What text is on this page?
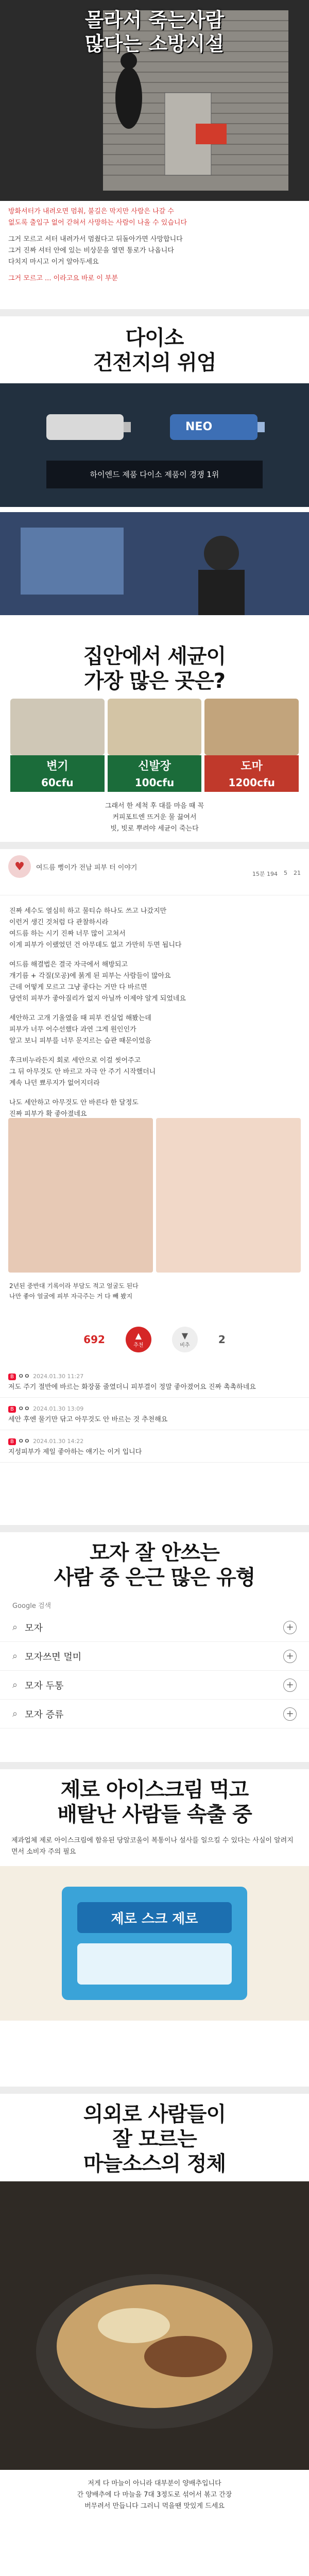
몰라서 죽는사람
많다는 소방시설
방화셔터가 내려오면 멈춰, 불길은 막지만 사람은 나갈 수
없도록 출입구 없어 갇혀서 사망하는 사람이 나올 수 있습니다
그거 모르고 셔터 내려가서 멈췄다고 뒤돌아가면 사망합니다
그거 진짜 셔터 안에 있는 비상문을 열면 통로가 나옵니다
다치지 마시고 이거 알아두세요
그거 모르고 ... 이라고요 바로 이 부분
다이소
건전지의 위엄
NEO
하이엔드 제품 다이소 제품이 경쟁 1위
집안에서 세균이
가장 많은 곳은?
변기
60cfu
신발장
100cfu
도마
1200cfu
그래서 한 세척 후 대를 마음 때 꼭
커피포트엔 뜨거운 물 끓여서
빗, 빗로 뿌려야 세균이 죽는다
♥	여드름 뻥이가 전남 피부 터 이야기
15분 194 5 21
진짜 세수도 열심히 하고 물티슈 하나도 쓰고 나갔지만
이런거 생긴 것처럼 다 관찰하시라
여드름 하는 시기 진짜 너무 많이 고쳐서
이게 피부가 이랬었던 건 아무데도 없고 가만히 두면 됩니다
여드름 해결법은 결국 자극에서 해방되고
개기름 + 각질(모공)에 붉게 된 피부는 사람들이 많아요
근데 어떻게 모르고 그냥 좋다는 거만 다 바르면
당연히 피부가 좋아질리가 없지 아닐까 이제야 알게 되었네요
세안하고 고개 기울였을 때 피부 컨실업 해봤는데
피부가 너무 어수선했다 과연 그게 원인인가
알고 보니 피부를 너무 문지르는 습관 때문이었음
후크비누라든지 회로 세안으로 이걸 씻어주고
그 뒤 아무것도 안 바르고 자극 안 주기 시작했더니
계속 나던 뾰루지가 없어지더라
나도 세안하고 아무것도 안 바른다 한 달정도
진짜 피부가 확 좋아졌네요
2년된 중반대 기록이라 부담도 적고 얼굴도 된다
나만 좋아 얼굴에 피부 자극주는 거 다 빼 봤지
692	▲
추천
▼
비추	2
B ㅇㅇ 2024.01.30 11:27
저도 주기 절반에 바르는 화장품 줄였더니 피부결이 정말 좋아졌어요 진짜 촉촉하네요
B ㅇㅇ 2024.01.30 13:09
세안 후엔 물기만 닦고 아무것도 안 바르는 것 추천해요
B ㅇㅇ 2024.01.30 14:22
지성피부가 제일 좋아하는 얘기는 이거 입니다
모자 잘 안쓰는
사람 중 은근 많은 유형
Google 검색
⌕ 모자	+
⌕ 모자쓰면 멀미	+
⌕ 모자 두통	+
⌕ 모자 증류	+
제로 아이스크림 먹고
배탈난 사람들 속출 중
제과업체 제로 아이스크림에 함유된 당알코올이 복통이나 설사를 일으킬 수 있다는 사실이 알려지면서 소비자 주의 필요
제로 스크 제로
의외로 사람들이
잘 모르는
마늘소스의 정체
저게 다 마늘이 아니라 대부분이 양배추입니다
간 양배추에 다 마늘을 7대 3정도로 섞어서 볶고 간장
버무려서 만듭니다 그러니 먹을땐 맛있게 드세요
